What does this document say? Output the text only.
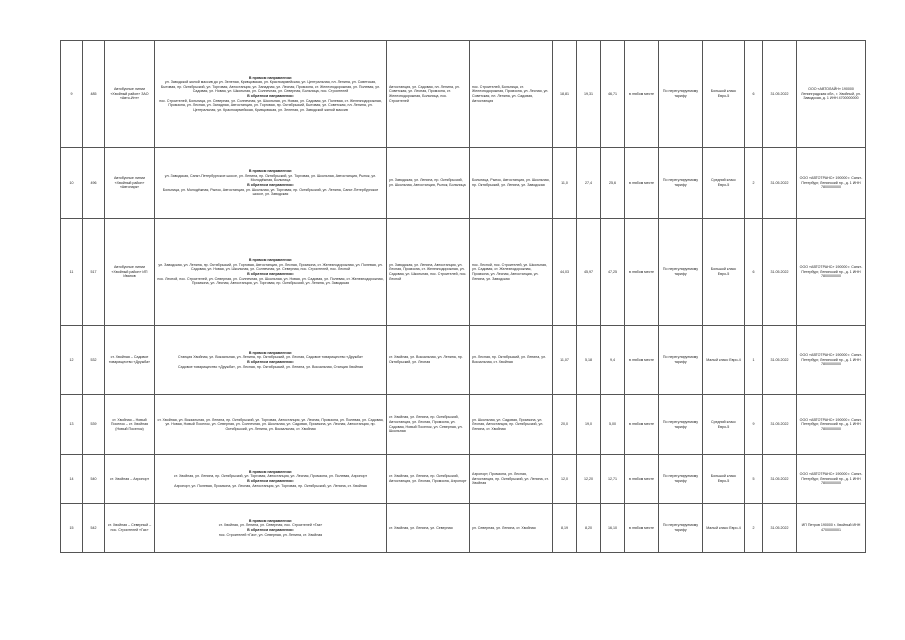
9	485	Автобусные линии «Хвойный район» ЗАО «Авто-Инт»	В прямом направлении:
ул. Заводской жилой массив до ул. Зеленая, Кривцовская, ул. Красноармейская, ул. Центральная, пл. Ленина, ул. Советская, Бытовая, пр. Октябрьский, ул. Торговая, Автостанция, ул. Западная, ул. Лесная, Промзона, ст. Железнодорожная, ул. Полевая, ул. Садовая, ул. Новая, ул. Школьная, ул. Солнечная, ул. Северная, Больница, пос. Строителей
В обратном направлении:
пос. Строителей, Больница, ул. Северная, ул. Солнечная, ул. Школьная, ул. Новая, ул. Садовая, ул. Полевая, ст. Железнодорожная, Промзона, ул. Лесная, ул. Западная, Автостанция, ул. Торговая, пр. Октябрьский, Бытовая, ул. Советская, пл. Ленина, ул. Центральная, ул. Красноармейская, Кривцовская, ул. Зеленая, ул. Заводской жилой массив	Автостанция, ул. Садовая, пл. Ленина, ул. Советская, ул. Лесная, Промзона, ст. Железнодорожная, Больница, пос. Строителей	пос. Строителей, Больница, ст. Железнодорожная, Промзона, ул. Лесная, ул. Советская, пл. Ленина, ул. Садовая, Автостанция	18,81	19,31	46,71	в любом месте	По нерегулируемому тарифу	Большой класс Евро-5	6	31.05.2022	ООО «АВТОЛАЙН» 190000 Ленинградская обл., г. Хвойный, ул. Заводская, д. 1 ИНН 4700000000
10	496	Автобусные линии «Хвойный район» «Автопарк»	В прямом направлении:
ул. Заводская, Санкт-Петербургское шоссе, ул. Ленина, пр. Октябрьский, ул. Торговая, ул. Школьная, Автостанция, Рынок, ул. Молодёжная, Больница
В обратном направлении:
Больница, ул. Молодёжная, Рынок, Автостанция, ул. Школьная, ул. Торговая, пр. Октябрьский, ул. Ленина, Санкт-Петербургское шоссе, ул. Заводская	ул. Заводская, ул. Ленина, пр. Октябрьский, ул. Школьная, Автостанция, Рынок, Больница	Больница, Рынок, Автостанция, ул. Школьная, пр. Октябрьский, ул. Ленина, ул. Заводская	11,0	27,4	25,6	в любом месте	По нерегулируемому тарифу	Средний класс Евро-5	2	31.05.2022	ООО «АВТОТРАНС» 190000 г. Санкт-Петербург, Ленинский пр., д. 1 ИНН 7800000000
11	517	Автобусные линии «Хвойный район» ИП Иванов	В прямом направлении:
ул. Заводская, ул. Ленина, пр. Октябрьский, ул. Торговая, Автостанция, ул. Лесная, Промзона, ст. Железнодорожная, ул. Полевая, ул. Садовая, ул. Новая, ул. Школьная, ул. Солнечная, ул. Северная, пос. Строителей, пос. Лесной
В обратном направлении:
пос. Лесной, пос. Строителей, ул. Северная, ул. Солнечная, ул. Школьная, ул. Новая, ул. Садовая, ул. Полевая, ст. Железнодорожная, Промзона, ул. Лесная, Автостанция, ул. Торговая, пр. Октябрьский, ул. Ленина, ул. Заводская	ул. Заводская, ул. Ленина, Автостанция, ул. Лесная, Промзона, ст. Железнодорожная, ул. Садовая, ул. Школьная, пос. Строителей, пос. Лесной	пос. Лесной, пос. Строителей, ул. Школьная, ул. Садовая, ст. Железнодорожная, Промзона, ул. Лесная, Автостанция, ул. Ленина, ул. Заводская	44,03	45,97	47,25	в любом месте	По нерегулируемому тарифу	Большой класс Евро-5	6	31.05.2022	ООО «АВТОТРАНС» 190000 г. Санкт-Петербург, Ленинский пр., д. 1 ИНН 7800000000
12	532	ст. Хвойная – Садовое товарищество «Дружба»	В прямом направлении:
Станция Хвойная, ул. Вокзальная, ул. Ленина, пр. Октябрьский, ул. Лесная, Садовое товарищество «Дружба»
В обратном направлении:
Садовое товарищество «Дружба», ул. Лесная, пр. Октябрьский, ул. Ленина, ул. Вокзальная, Станция Хвойная	ст. Хвойная, ул. Вокзальная, ул. Ленина, пр. Октябрьский, ул. Лесная	ул. Лесная, пр. Октябрьский, ул. Ленина, ул. Вокзальная, ст. Хвойная	11,07	5,18	9,4	в любом месте	По нерегулируемому тарифу	Малый класс Евро-4	1	31.05.2022	ООО «АВТОТРАНС» 190000 г. Санкт-Петербург, Ленинский пр., д. 1 ИНН 7800000000
13	539	ст. Хвойная – Новый Поселок – ст. Хвойная (Новый Поселок)	ст. Хвойная, ул. Вокзальная, ул. Ленина, пр. Октябрьский, ул. Торговая, Автостанция, ул. Лесная, Промзона, ул. Полевая, ул. Садовая, ул. Новая, Новый Поселок, ул. Северная, ул. Солнечная, ул. Школьная, ул. Садовая, Промзона, ул. Лесная, Автостанция, пр. Октябрьский, ул. Ленина, ул. Вокзальная, ст. Хвойная	ст. Хвойная, ул. Ленина, пр. Октябрьский, Автостанция, ул. Лесная, Промзона, ул. Садовая, Новый Поселок, ул. Северная, ул. Школьная	ул. Школьная, ул. Садовая, Промзона, ул. Лесная, Автостанция, пр. Октябрьский, ул. Ленина, ст. Хвойная	20,0	19,0	5,00	в любом месте	По нерегулируемому тарифу	Средний класс Евро-5	9	31.05.2022	ООО «АВТОТРАНС» 190000 г. Санкт-Петербург, Ленинский пр., д. 1 ИНН 7800000000
14	540	ст. Хвойная – Аэропорт	В прямом направлении:
ст. Хвойная, ул. Ленина, пр. Октябрьский, ул. Торговая, Автостанция, ул. Лесная, Промзона, ул. Полевая, Аэропорт
В обратном направлении:
Аэропорт, ул. Полевая, Промзона, ул. Лесная, Автостанция, ул. Торговая, пр. Октябрьский, ул. Ленина, ст. Хвойная	ст. Хвойная, ул. Ленина, пр. Октябрьский, Автостанция, ул. Лесная, Промзона, Аэропорт	Аэропорт, Промзона, ул. Лесная, Автостанция, пр. Октябрьский, ул. Ленина, ст. Хвойная	12,0	12,20	12,71	в любом месте	По нерегулируемому тарифу	Большой класс Евро-5	5	31.05.2022	ООО «АВТОТРАНС» 190000 г. Санкт-Петербург, Ленинский пр., д. 1 ИНН 7800000000
15	542	ст. Хвойная – Северный – пос. Строителей «Газ»	В прямом направлении:
ст. Хвойная, ул. Ленина, ул. Северная, пос. Строителей «Газ»
В обратном направлении:
пос. Строителей «Газ», ул. Северная, ул. Ленина, ст. Хвойная	ст. Хвойная, ул. Ленина, ул. Северная	ул. Северная, ул. Ленина, ст. Хвойная	8,19	8,20	16,10	в любом месте	По нерегулируемому тарифу	Малый класс Евро-4	2	31.05.2022	ИП Петров 190000 г. Хвойный ИНН 4700000001
